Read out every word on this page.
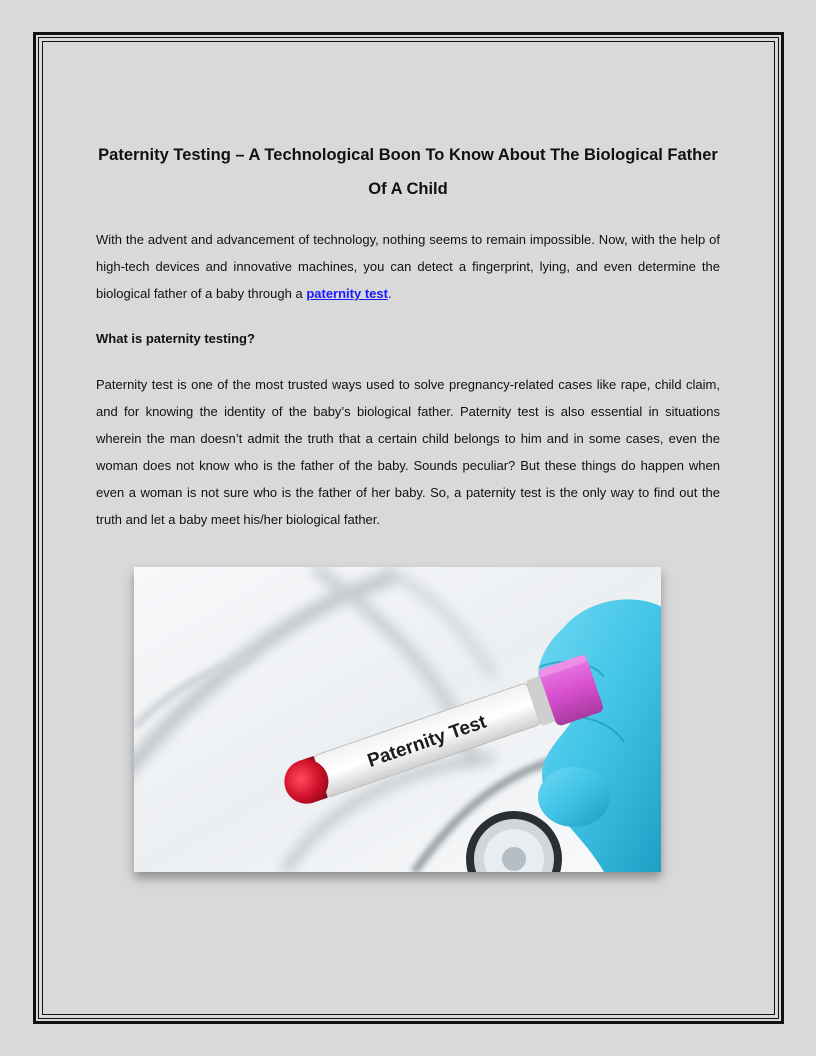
Paternity Testing – A Technological Boon To Know About The Biological Father Of A Child

With the advent and advancement of technology, nothing seems to remain impossible. Now, with the help of high-tech devices and innovative machines, you can detect a fingerprint, lying, and even determine the biological father of a baby through a paternity test.

What is paternity testing?

Paternity test is one of the most trusted ways used to solve pregnancy-related cases like rape, child claim, and for knowing the identity of the baby’s biological father. Paternity test is also essential in situations wherein the man doesn’t admit the truth that a certain child belongs to him and in some cases, even the woman does not know who is the father of the baby. Sounds peculiar? But these things do happen when even a woman is not sure who is the father of her baby. So, a paternity test is the only way to find out the truth and let a baby meet his/her biological father.

Paternity Test
